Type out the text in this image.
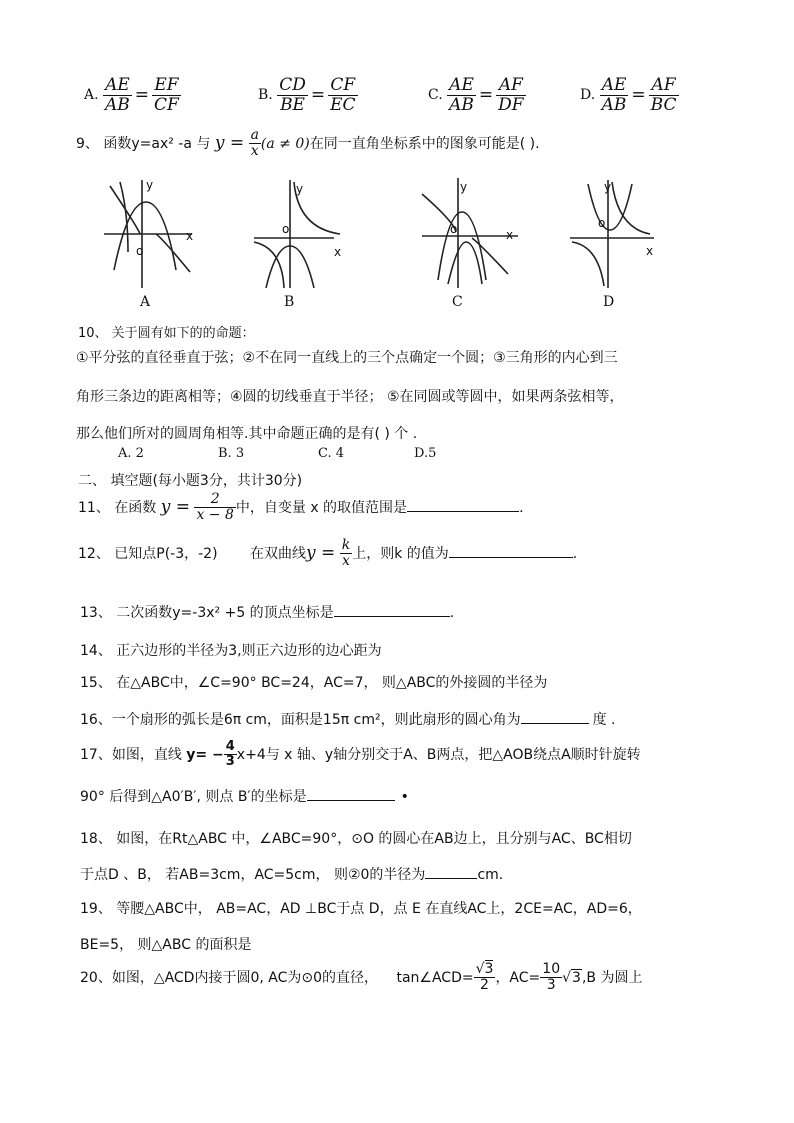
A. $\frac{AE}{AB} = \frac{EF}{CF}$	B. $\frac{CD}{BE} = \frac{CF}{EC}$	C. $\frac{AE}{AB} = \frac{AF}{DF}$	D. $\frac{AE}{AB} = \frac{AF}{BC}$
9、 函数y=ax² -a 与 $y = \frac{a}{x} (a \ne 0)$在同一直角坐标系中的图象可能是( ).
y
o
x
A
y
o
x
B
y
o	x
C
y
o
x
D
10、 关于圆有如下的的命题：
①平分弦的直径垂直于弦；②不在同一直线上的三个点确定一个圆；③三角形的内心到三
角形三条边的距离相等；④圆的切线垂直于半径； ⑤在同圆或等圆中，如果两条弦相等，
那么他们所对的圆周角相等.其中命题正确的是有( ) 个 .
A. 2	B. 3	C. 4	D.5
二、 填空题(每小题3分，共计30分)
11、 在函数 $y = \frac{2}{x - 8}$ 中，自变量 x 的取值范围是	.
12、 已知点P(-3，-2) 在双曲线$y = \frac{k}{x}$ 上，则k 的值为	.
13、 二次函数y=-3x² +5 的顶点坐标是	.
14、 正六边形的半径为3,则正六边形的边心距为
15、 在△ABC中，∠C=90° BC=24，AC=7， 则△ABC的外接圆的半径为
16、一个扇形的弧长是6π cm，面积是15π cm²，则此扇形的圆心角为	度 .
17、如图，直线 $y= - \frac{4}{3} x+4$与 x 轴、y轴分别交于A、B两点，把△AOB绕点A顺时针旋转
90° 后得到△A0′B′, 则点 B′的坐标是	•
18、 如图，在Rt△ABC 中，∠ABC=90°，⊙O 的圆心在AB边上，且分别与AC、BC相切
于点D 、B， 若AB=3cm，AC=5cm， 则②0的半径为	cm.
19、 等腰△ABC中， AB=AC，AD ⊥BC于点 D，点 E 在直线AC上，2CE=AC，AD=6，
BE=5， 则△ABC 的面积是
20、如图，△ACD内接于圆0, AC为⊙0的直径， tan∠ACD= $\frac{√3}{2}$ ，$AC= \frac{10}{3} √3,B$ 为圆上
